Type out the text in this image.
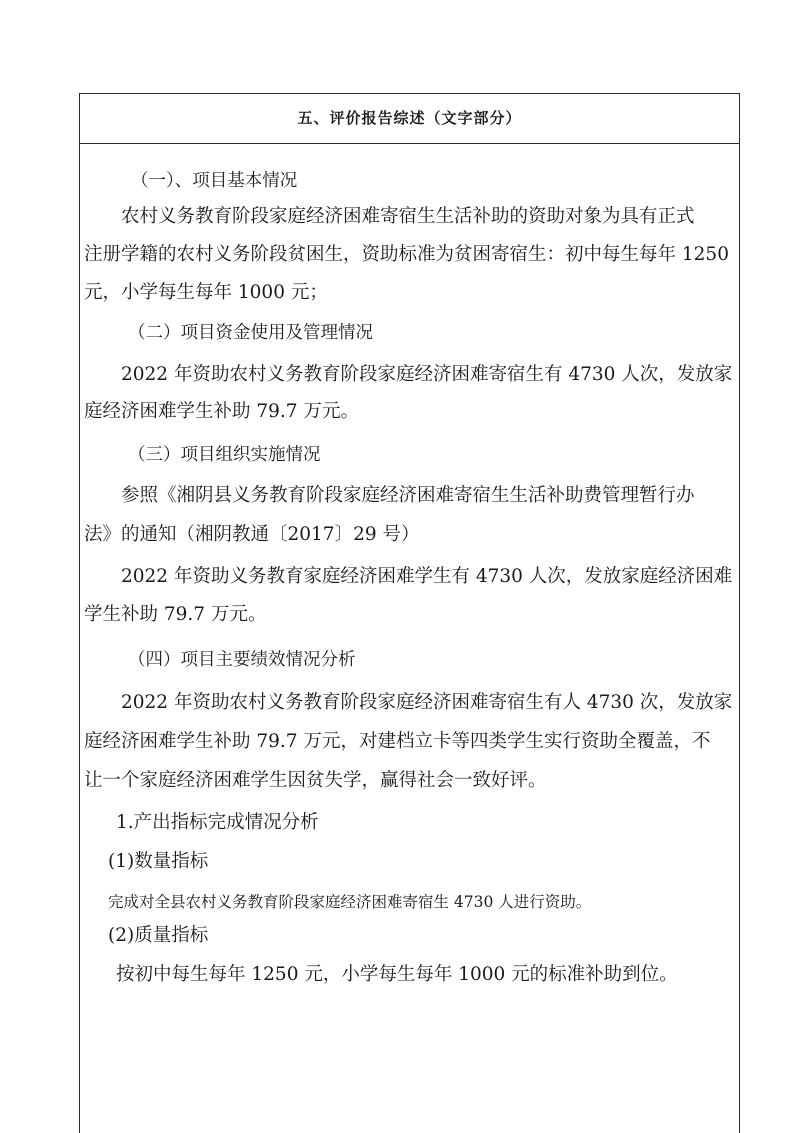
五、评价报告综述（文字部分）
（一）、项目基本情况
农村义务教育阶段家庭经济困难寄宿生生活补助的资助对象为具有正式
注册学籍的农村义务阶段贫困生，资助标准为贫困寄宿生：初中每生每年 1250
元，小学每生每年 1000 元；
（二）项目资金使用及管理情况
2022 年资助农村义务教育阶段家庭经济困难寄宿生有 4730 人次，发放家
庭经济困难学生补助 79.7 万元。
（三）项目组织实施情况
参照《湘阴县义务教育阶段家庭经济困难寄宿生生活补助费管理暂行办
法》的通知（湘阴教通〔2017〕29 号）
2022 年资助义务教育家庭经济困难学生有 4730 人次，发放家庭经济困难
学生补助 79.7 万元。
（四）项目主要绩效情况分析
2022 年资助农村义务教育阶段家庭经济困难寄宿生有人 4730 次，发放家
庭经济困难学生补助 79.7 万元，对建档立卡等四类学生实行资助全覆盖，不
让一个家庭经济困难学生因贫失学，赢得社会一致好评。
1.产出指标完成情况分析
(1)数量指标
完成对全县农村义务教育阶段家庭经济困难寄宿生 4730 人进行资助。
(2)质量指标
按初中每生每年 1250 元，小学每生每年 1000 元的标准补助到位。
